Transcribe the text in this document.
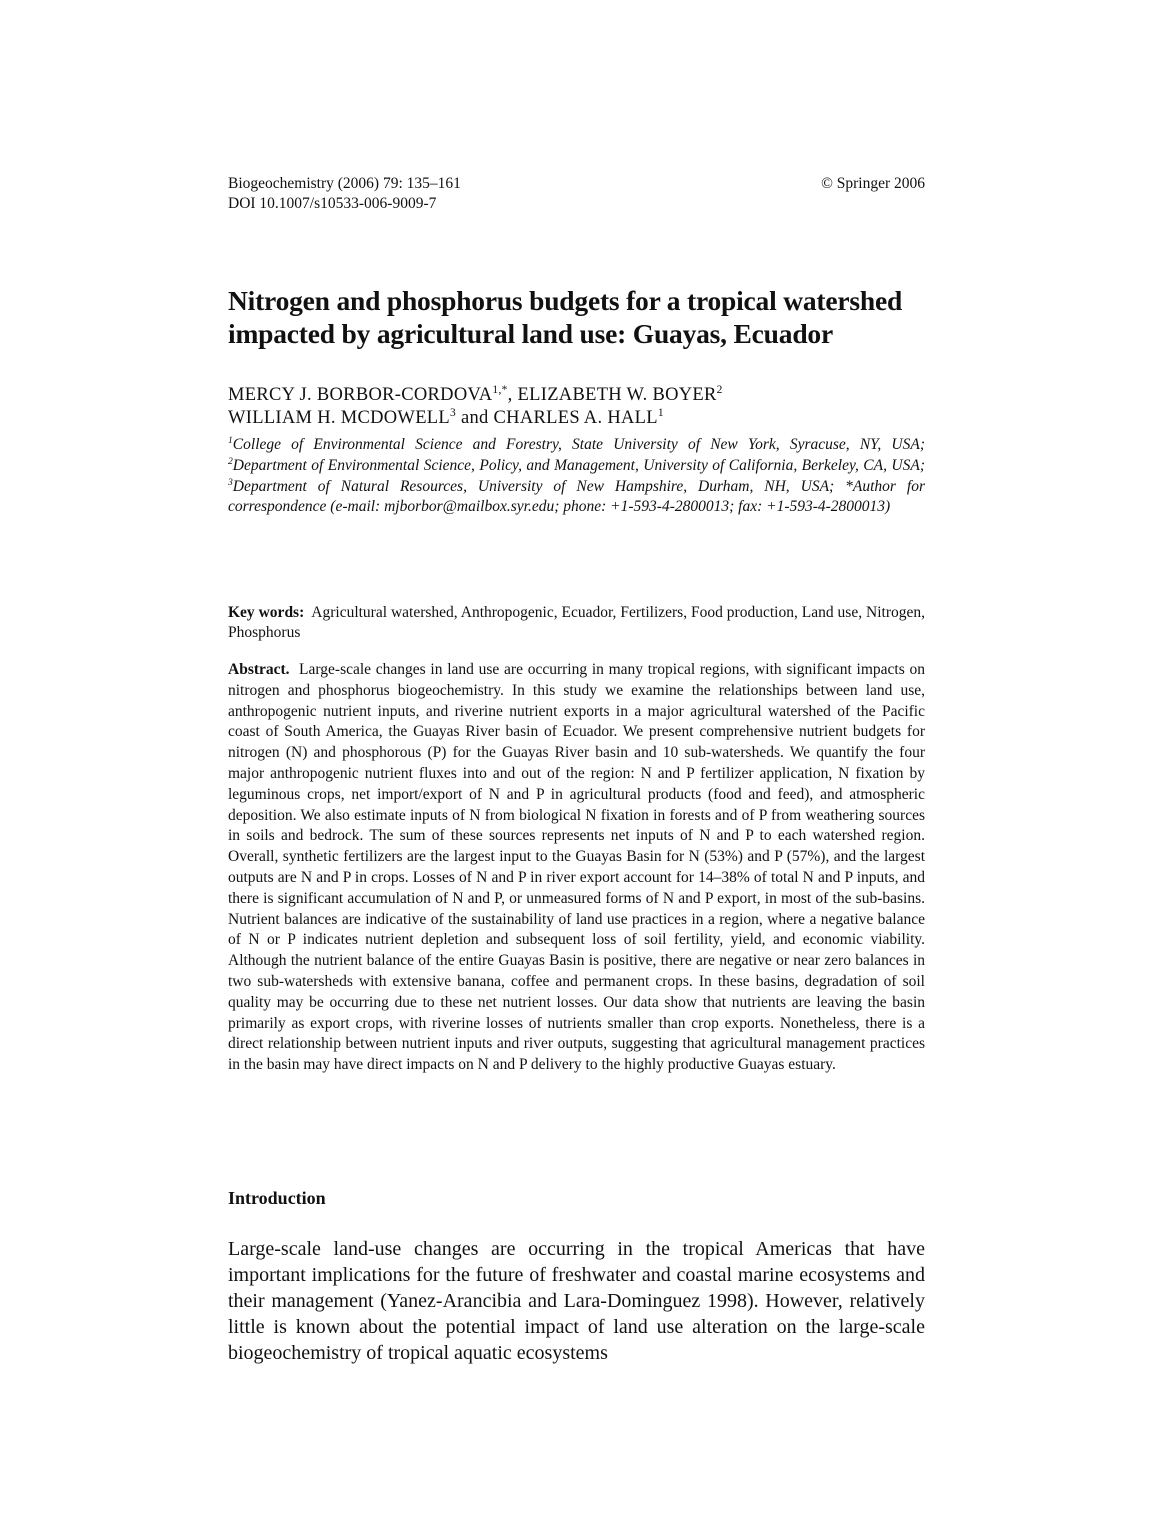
Biogeochemistry (2006) 79: 135–161
DOI 10.1007/s10533-006-9009-7
© Springer 2006
Nitrogen and phosphorus budgets for a tropical watershed impacted by agricultural land use: Guayas, Ecuador
MERCY J. BORBOR-$CORDOVA^{1,*}$, ELIZABETH W. BOYER$^2$
WILLIAM H. MCDOWELL$^3$ and CHARLES A. HALL$^1$
$^1$College of Environmental Science and Forestry, State University of New York, Syracuse, NY, USA; $^2$Department of Environmental Science, Policy, and Management, University of California, Berkeley, CA, USA; $^3$Department of Natural Resources, University of New Hampshire, Durham, NH, USA; *Author for correspondence (e-mail: mjborbor@mailbox.syr.edu; phone: +1-593-4-2800013; fax: +1-593-4-2800013)
Key words: Agricultural watershed, Anthropogenic, Ecuador, Fertilizers, Food production, Land use, Nitrogen, Phosphorus
Abstract. Large-scale changes in land use are occurring in many tropical regions, with significant impacts on nitrogen and phosphorus biogeochemistry. In this study we examine the relationships between land use, anthropogenic nutrient inputs, and riverine nutrient exports in a major agricultural watershed of the Pacific coast of South America, the Guayas River basin of Ecuador. We present comprehensive nutrient budgets for nitrogen (N) and phosphorous (P) for the Guayas River basin and 10 sub-watersheds. We quantify the four major anthropogenic nutrient fluxes into and out of the region: N and P fertilizer application, N fixation by leguminous crops, net import/export of N and P in agricultural products (food and feed), and atmospheric deposition. We also estimate inputs of N from biological N fixation in forests and of P from weathering sources in soils and bedrock. The sum of these sources represents net inputs of N and P to each watershed region. Overall, synthetic fertilizers are the largest input to the Guayas Basin for N (53%) and P (57%), and the largest outputs are N and P in crops. Losses of N and P in river export account for 14–38% of total N and P inputs, and there is significant accumulation of N and P, or unmeasured forms of N and P export, in most of the sub-basins. Nutrient balances are indicative of the sustainability of land use practices in a region, where a negative balance of N or P indicates nutrient depletion and subsequent loss of soil fertility, yield, and economic viability. Although the nutrient balance of the entire Guayas Basin is positive, there are negative or near zero balances in two sub-watersheds with extensive banana, coffee and permanent crops. In these basins, degradation of soil quality may be occurring due to these net nutrient losses. Our data show that nutrients are leaving the basin primarily as export crops, with riverine losses of nutrients smaller than crop exports. Nonetheless, there is a direct relationship between nutrient inputs and river outputs, suggesting that agricultural management practices in the basin may have direct impacts on N and P delivery to the highly productive Guayas estuary.
Introduction

Large-scale land-use changes are occurring in the tropical Americas that have important implications for the future of freshwater and coastal marine ecosystems and their management (Yanez-Arancibia and Lara-Dominguez 1998). However, relatively little is known about the potential impact of land use alteration on the large-scale biogeochemistry of tropical aquatic ecosystems
